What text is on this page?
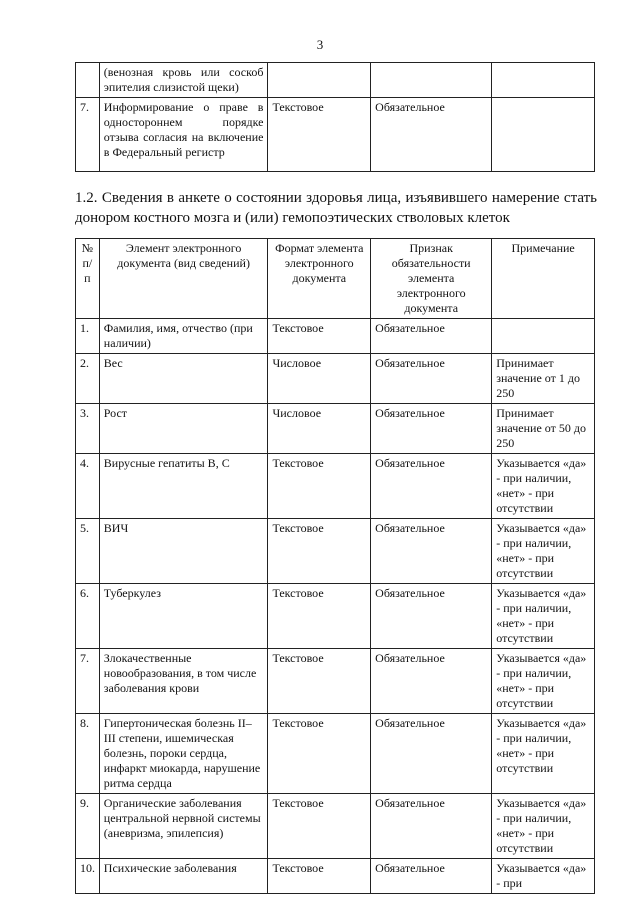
3
	(венозная кровь или соскоб эпителия слизистой щеки)			
7.	Информирование о праве в одностороннем порядке отзыва согласия на включение в Федеральный регистр	Текстовое	Обязательное	
1.2. Сведения в анкете о состоянии здоровья лица, изъявившего намерение стать донором костного мозга и (или) гемопоэтических стволовых клеток
№ п/п	Элемент электронного документа (вид сведений)	Формат элемента электронного документа	Признак обязательности элемента электронного документа	Примечание
1.	Фамилия, имя, отчество (при наличии)	Текстовое	Обязательное	
2.	Вес	Числовое	Обязательное	Принимает значение от 1 до 250
3.	Рост	Числовое	Обязательное	Принимает значение от 50 до 250
4.	Вирусные гепатиты В, С	Текстовое	Обязательное	Указывается «да» - при наличии, «нет» - при отсутствии
5.	ВИЧ	Текстовое	Обязательное	Указывается «да» - при наличии, «нет» - при отсутствии
6.	Туберкулез	Текстовое	Обязательное	Указывается «да» - при наличии, «нет» - при отсутствии
7.	Злокачественные новообразования, в том числе заболевания крови	Текстовое	Обязательное	Указывается «да» - при наличии, «нет» - при отсутствии
8.	Гипертоническая болезнь II–III степени, ишемическая болезнь, пороки сердца, инфаркт миокарда, нарушение ритма сердца	Текстовое	Обязательное	Указывается «да» - при наличии, «нет» - при отсутствии
9.	Органические заболевания центральной нервной системы (аневризма, эпилепсия)	Текстовое	Обязательное	Указывается «да» - при наличии, «нет» - при отсутствии
10.	Психические заболевания	Текстовое	Обязательное	Указывается «да» - при
